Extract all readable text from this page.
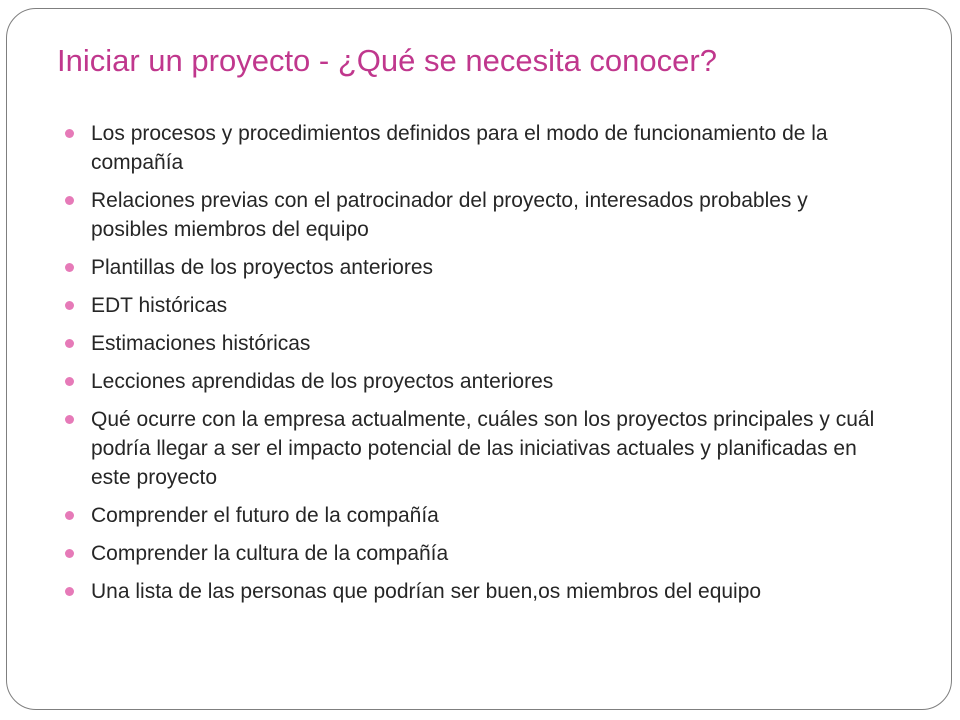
Iniciar un proyecto - ¿Qué se necesita conocer?
Los procesos y procedimientos definidos para el modo de funcionamiento de la compañía
Relaciones previas con el patrocinador del proyecto, interesados probables y posibles miembros del equipo
Plantillas de los proyectos anteriores
EDT históricas
Estimaciones históricas
Lecciones aprendidas de los proyectos anteriores
Qué ocurre con la empresa actualmente, cuáles son los proyectos principales y cuál podría llegar a ser el impacto potencial de las iniciativas actuales y planificadas en este proyecto
Comprender el futuro de la compañía
Comprender la cultura de la compañía
Una lista de las personas que podrían ser buen,os miembros del equipo
